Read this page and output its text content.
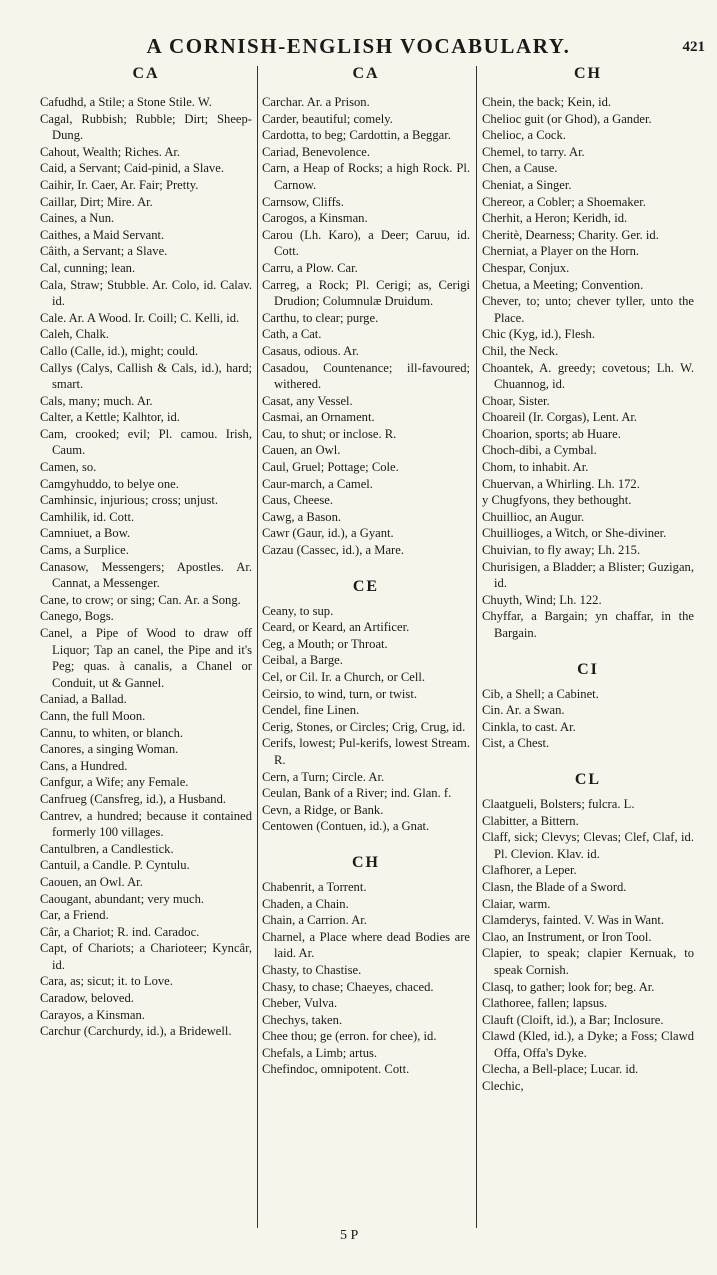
A CORNISH-ENGLISH VOCABULARY.	421
CA
Cafudhd, a Stile; a Stone Stile. W.
Cagal, Rubbish; Rubble; Dirt; Sheep-Dung.
Cahout, Wealth; Riches. Ar.
Caid, a Servant; Caid-pinid, a Slave.
Caihir, Ir. Caer, Ar. Fair; Pretty.
Caillar, Dirt; Mire. Ar.
Caines, a Nun.
Caithes, a Maid Servant.
Câith, a Servant; a Slave.
Cal, cunning; lean.
Cala, Straw; Stubble. Ar. Colo, id. Calav. id.
Cale. Ar. A Wood. Ir. Coill; C. Kelli, id.
Caleh, Chalk.
Callo (Calle, id.), might; could.
Callys (Calys, Callish & Cals, id.), hard; smart.
Cals, many; much. Ar.
Calter, a Kettle; Kalhtor, id.
Cam, crooked; evil; Pl. camou. Irish, Caum.
Camen, so.
Camgyhuddo, to belye one.
Camhinsic, injurious; cross; unjust.
Camhilik, id. Cott.
Camniuet, a Bow.
Cams, a Surplice.
Canasow, Messengers; Apostles. Ar. Cannat, a Messenger.
Cane, to crow; or sing; Can. Ar. a Song.
Canego, Bogs.
Canel, a Pipe of Wood to draw off Liquor; Tap an canel, the Pipe and it's Peg; quas. à canalis, a Chanel or Conduit, ut & Gannel.
Caniad, a Ballad.
Cann, the full Moon.
Cannu, to whiten, or blanch.
Canores, a singing Woman.
Cans, a Hundred.
Canfgur, a Wife; any Female.
Canfrueg (Cansfreg, id.), a Husband.
Cantrev, a hundred; because it contained formerly 100 villages.
Cantulbren, a Candlestick.
Cantuil, a Candle. P. Cyntulu.
Caouen, an Owl. Ar.
Caougant, abundant; very much.
Car, a Friend.
Câr, a Chariot; R. ind. Caradoc.
Capt, of Chariots; a Charioteer; Kyncâr, id.
Cara, as; sicut; it. to Love.
Caradow, beloved.
Carayos, a Kinsman.
Carchur (Carchurdy, id.), a Bridewell.
CA
Carchar. Ar. a Prison.
Carder, beautiful; comely.
Cardotta, to beg; Cardottin, a Beggar.
Cariad, Benevolence.
Carn, a Heap of Rocks; a high Rock. Pl. Carnow.
Carnsow, Cliffs.
Carogos, a Kinsman.
Carou (Lh. Karo), a Deer; Caruu, id. Cott.
Carru, a Plow. Car.
Carreg, a Rock; Pl. Cerigi; as, Cerigi Drudion; Columnulæ Druidum.
Carthu, to clear; purge.
Cath, a Cat.
Casaus, odious. Ar.
Casadou, Countenance; ill-favoured; withered.
Casat, any Vessel.
Casmai, an Ornament.
Cau, to shut; or inclose. R.
Cauen, an Owl.
Caul, Gruel; Pottage; Cole.
Caur-march, a Camel.
Caus, Cheese.
Cawg, a Bason.
Cawr (Gaur, id.), a Gyant.
Cazau (Cassec, id.), a Mare.
CE
Ceany, to sup.
Ceard, or Keard, an Artificer.
Ceg, a Mouth; or Throat.
Ceibal, a Barge.
Cel, or Cil. Ir. a Church, or Cell.
Ceirsio, to wind, turn, or twist.
Cendel, fine Linen.
Cerig, Stones, or Circles; Crig, Crug, id.
Cerifs, lowest; Pul-kerifs, lowest Stream. R.
Cern, a Turn; Circle. Ar.
Ceulan, Bank of a River; ind. Glan. f.
Cevn, a Ridge, or Bank.
Centowen (Contuen, id.), a Gnat.
CH
Chabenrit, a Torrent.
Chaden, a Chain.
Chain, a Carrion. Ar.
Charnel, a Place where dead Bodies are laid. Ar.
Chasty, to Chastise.
Chasy, to chase; Chaeyes, chaced.
Cheber, Vulva.
Chechys, taken.
Chee thou; ge (erron. for chee), id.
Chefals, a Limb; artus.
Chefindoc, omnipotent. Cott.
CH
Chein, the back; Kein, id.
Chelioc guit (or Ghod), a Gander.
Chelioc, a Cock.
Chemel, to tarry. Ar.
Chen, a Cause.
Cheniat, a Singer.
Chereor, a Cobler; a Shoemaker.
Cherhit, a Heron; Keridh, id.
Cheritè, Dearness; Charity. Ger. id.
Cherniat, a Player on the Horn.
Chespar, Conjux.
Chetua, a Meeting; Convention.
Chever, to; unto; chever tyller, unto the Place.
Chic (Kyg, id.), Flesh.
Chil, the Neck.
Choantek, A. greedy; covetous; Lh. W. Chuannog, id.
Choar, Sister.
Choareil (Ir. Corgas), Lent. Ar.
Choarion, sports; ab Huare.
Choch-dibi, a Cymbal.
Chom, to inhabit. Ar.
Chuervan, a Whirling. Lh. 172.
y Chugfyons, they bethought.
Chuillioc, an Augur.
Chuillioges, a Witch, or She-diviner.
Chuivian, to fly away; Lh. 215.
Churisigen, a Bladder; a Blister; Guzigan, id.
Chuyth, Wind; Lh. 122.
Chyffar, a Bargain; yn chaffar, in the Bargain.
CI
Cib, a Shell; a Cabinet.
Cin. Ar. a Swan.
Cinkla, to cast. Ar.
Cist, a Chest.
CL
Claatgueli, Bolsters; fulcra. L.
Clabitter, a Bittern.
Claff, sick; Clevys; Clevas; Clef, Claf, id. Pl. Clevion. Klav. id.
Clafhorer, a Leper.
Clasn, the Blade of a Sword.
Claiar, warm.
Clamderys, fainted. V. Was in Want.
Clao, an Instrument, or Iron Tool.
Clapier, to speak; clapier Kernuak, to speak Cornish.
Clasq, to gather; look for; beg. Ar.
Clathoree, fallen; lapsus.
Clauft (Cloift, id.), a Bar; Inclosure.
Clawd (Kled, id.), a Dyke; a Foss; Clawd Offa, Offa's Dyke.
Clecha, a Bell-place; Lucar. id.
Clechic,
5 P
